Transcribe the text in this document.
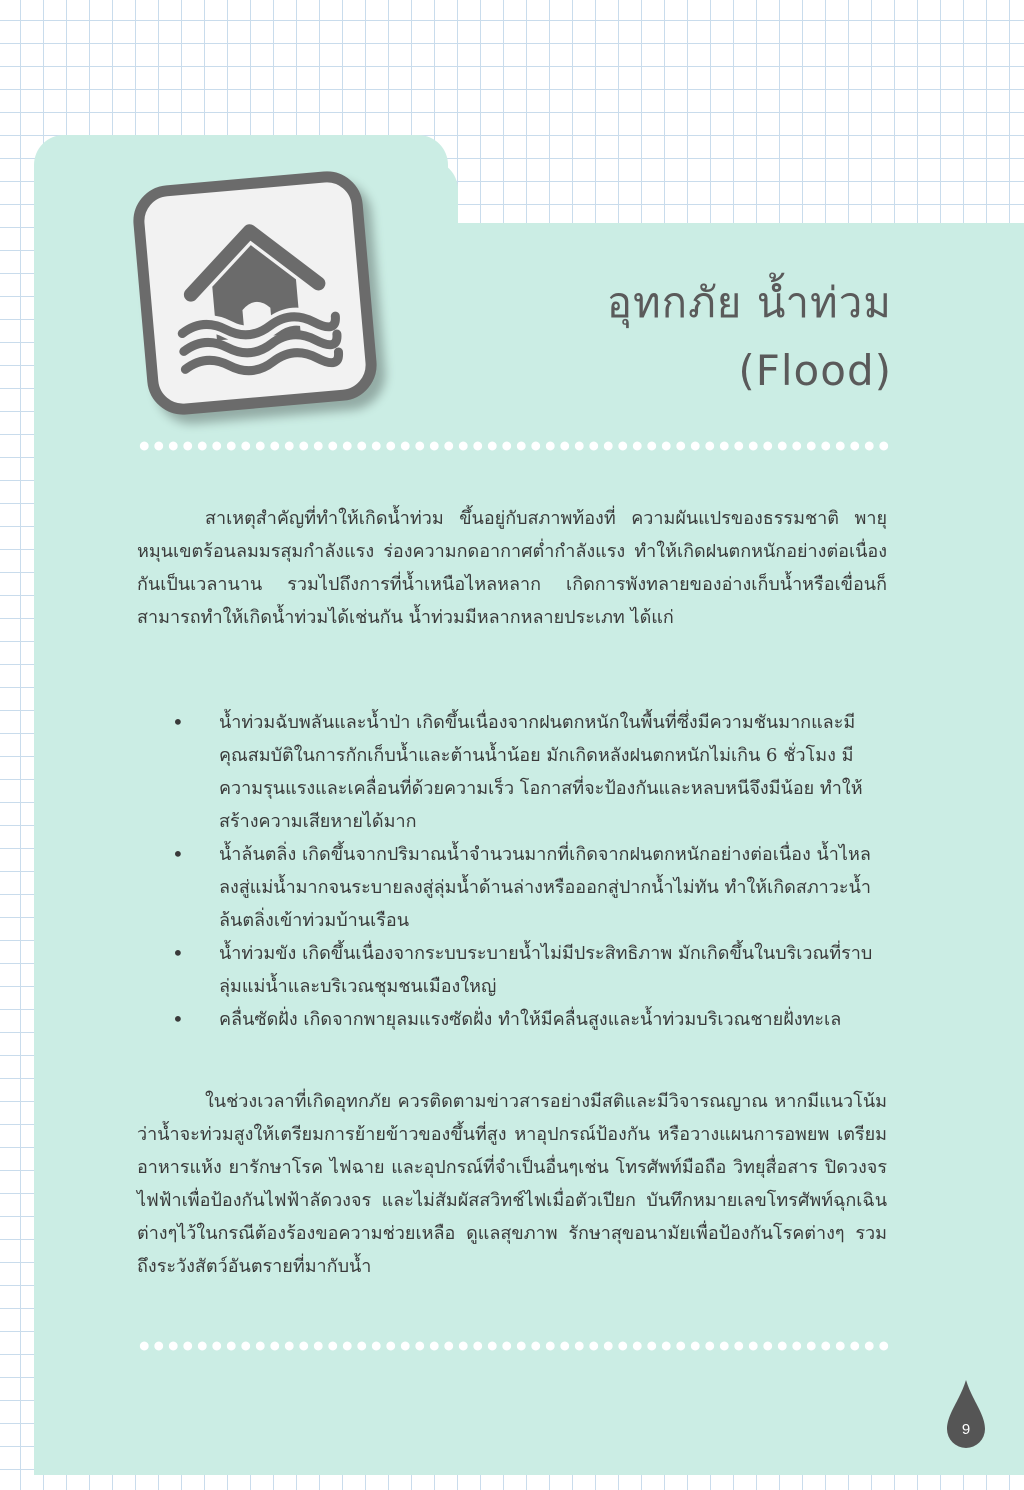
อุทกภัย น้ำท่วม
(Flood)

สาเหตุสำคัญที่ทำให้เกิดน้ำท่วม ขึ้นอยู่กับสภาพท้องที่ ความผันแปรของธรรมชาติ พายุหมุนเขตร้อนลมมรสุมกำลังแรง ร่องความกดอากาศต่ำกำลังแรง ทำให้เกิดฝนตกหนักอย่างต่อเนื่องกันเป็นเวลานาน รวมไปถึงการที่น้ำเหนือไหลหลาก เกิดการพังทลายของอ่างเก็บน้ำหรือเขื่อนก็สามารถทำให้เกิดน้ำท่วมได้เช่นกัน น้ำท่วมมีหลากหลายประเภท ได้แก่

• น้ำท่วมฉับพลันและน้ำป่า เกิดขึ้นเนื่องจากฝนตกหนักในพื้นที่ซึ่งมีความชันมากและมีคุณสมบัติในการกักเก็บน้ำและต้านน้ำน้อย มักเกิดหลังฝนตกหนักไม่เกิน 6 ชั่วโมง มีความรุนแรงและเคลื่อนที่ด้วยความเร็ว โอกาสที่จะป้องกันและหลบหนีจึงมีน้อย ทำให้สร้างความเสียหายได้มาก
• น้ำล้นตลิ่ง เกิดขึ้นจากปริมาณน้ำจำนวนมากที่เกิดจากฝนตกหนักอย่างต่อเนื่อง น้ำไหลลงสู่แม่น้ำมากจนระบายลงสู่ลุ่มน้ำด้านล่างหรือออกสู่ปากน้ำไม่ทัน ทำให้เกิดสภาวะน้ำล้นตลิ่งเข้าท่วมบ้านเรือน
• น้ำท่วมขัง เกิดขึ้นเนื่องจากระบบระบายน้ำไม่มีประสิทธิภาพ มักเกิดขึ้นในบริเวณที่ราบลุ่มแม่น้ำและบริเวณชุมชนเมืองใหญ่
• คลื่นซัดฝั่ง เกิดจากพายุลมแรงซัดฝั่ง ทำให้มีคลื่นสูงและน้ำท่วมบริเวณชายฝั่งทะเล

ในช่วงเวลาที่เกิดอุทกภัย ควรติดตามข่าวสารอย่างมีสติและมีวิจารณญาณ หากมีแนวโน้มว่าน้ำจะท่วมสูงให้เตรียมการย้ายข้าวของขึ้นที่สูง หาอุปกรณ์ป้องกัน หรือวางแผนการอพยพ เตรียมอาหารแห้ง ยารักษาโรค ไฟฉาย และอุปกรณ์ที่จำเป็นอื่นๆเช่น โทรศัพท์มือถือ วิทยุสื่อสาร ปิดวงจรไฟฟ้าเพื่อป้องกันไฟฟ้าลัดวงจร และไม่สัมผัสสวิทช์ไฟเมื่อตัวเปียก บันทึกหมายเลขโทรศัพท์ฉุกเฉินต่างๆไว้ในกรณีต้องร้องขอความช่วยเหลือ ดูแลสุขภาพ รักษาสุขอนามัยเพื่อป้องกันโรคต่างๆ รวมถึงระวังสัตว์อันตรายที่มากับน้ำ

9
